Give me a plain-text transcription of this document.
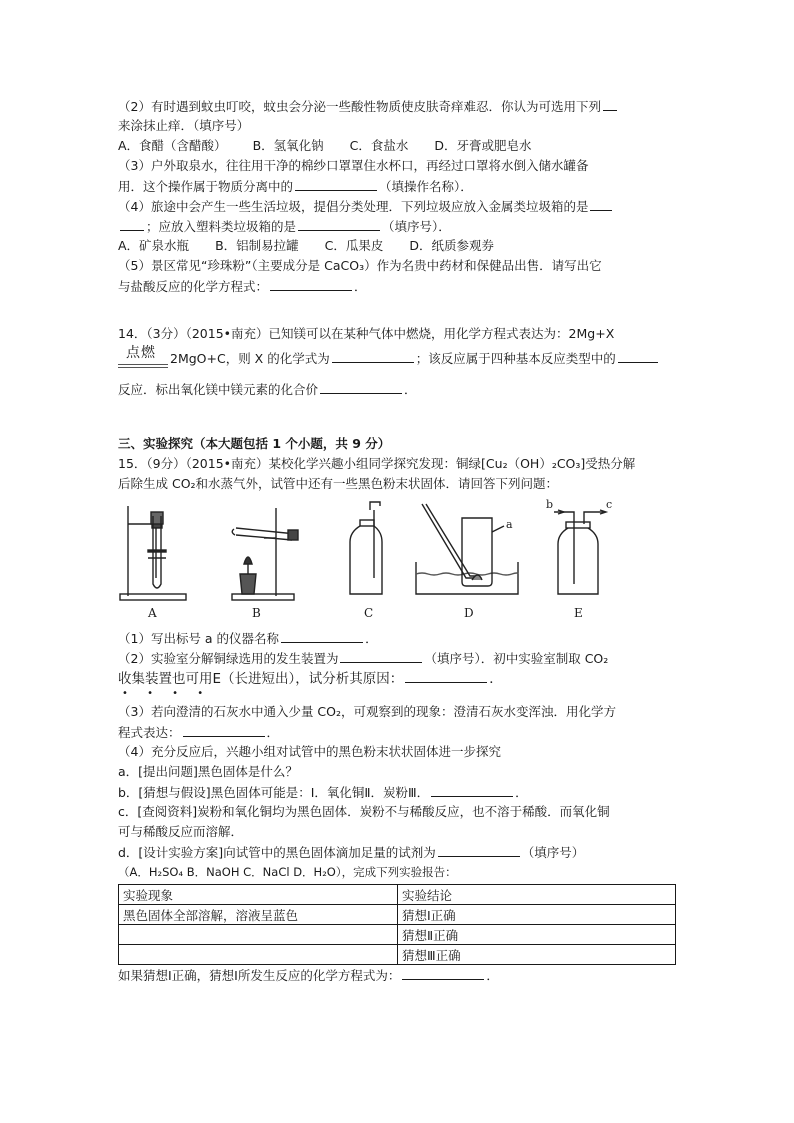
（2）有时遇到蚊虫叮咬，蚊虫会分泌一些酸性物质使皮肤奇痒难忍．你认为可选用下列
来涂抹止痒．（填序号）
A．食醋（含醋酸） B．氢氧化钠 C．食盐水 D．牙膏或肥皂水
（3）户外取泉水，往往用干净的棉纱口罩罩住水杯口，再经过口罩将水倒入储水罐备
用．这个操作属于物质分离中的	（填操作名称）．
（4）旅途中会产生一些生活垃圾，提倡分类处理．下列垃圾应放入金属类垃圾箱的是
；应放入塑料类垃圾箱的是	（填序号）．
A．矿泉水瓶 B．铝制易拉罐 C．瓜果皮 D．纸质参观券
（5）景区常见“珍珠粉”（主要成分是 CaCO₃）作为名贵中药材和保健品出售．请写出它
与盐酸反应的化学方程式：	．
14．（3分）（2015•南充）已知镁可以在某种气体中燃烧，用化学方程式表达为：2Mg+X
点燃 2MgO+C，则 X 的化学式为	；该反应属于四种基本反应类型中的
反应．标出氧化镁中镁元素的化合价	．
三、实验探究（本大题包括 1 个小题，共 9 分）
15．（9分）（2015•南充）某校化学兴趣小组同学探究发现：铜绿[Cu₂（OH）₂CO₃]受热分解
后除生成 CO₂和水蒸气外，试管中还有一些黑色粉末状固体．请回答下列问题：
a
b	c
A	B	C	D	E
（1）写出标号 a 的仪器名称	．
（2）实验室分解铜绿选用的发生装置为	（填序号）．初中实验室制取 CO₂
收集装置也可用E（长进短出），试分析其原因：	．
• • • •
（3）若向澄清的石灰水中通入少量 CO₂，可观察到的现象：澄清石灰水变浑浊．用化学方
程式表达：	．
（4）充分反应后，兴趣小组对试管中的黑色粉末状状固体进一步探究
a．[提出问题]黑色固体是什么？
b．[猜想与假设]黑色固体可能是：Ⅰ．氧化铜Ⅱ．炭粉Ⅲ．	．
c．[查阅资料]炭粉和氧化铜均为黑色固体．炭粉不与稀酸反应，也不溶于稀酸．而氧化铜
可与稀酸反应而溶解．
d．[设计实验方案]向试管中的黑色固体滴加足量的试剂为	（填序号）
（A．H₂SO₄ B．NaOH C．NaCl D．H₂O），完成下列实验报告：
实验现象	实验结论
黑色固体全部溶解，溶液呈蓝色	猜想Ⅰ正确
	猜想Ⅱ正确
	猜想Ⅲ正确
如果猜想Ⅰ正确，猜想Ⅰ所发生反应的化学方程式为：	．
